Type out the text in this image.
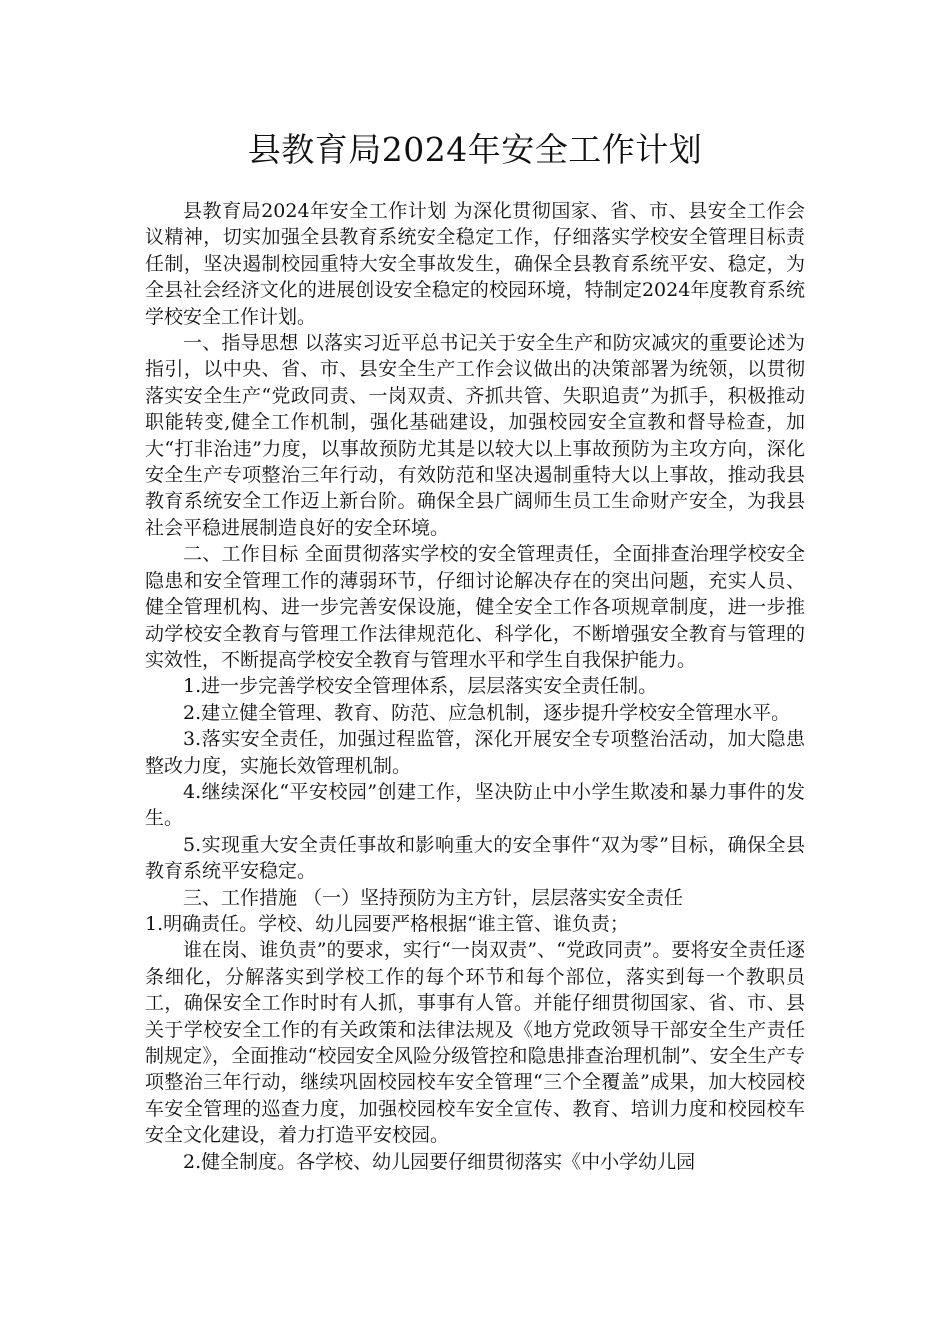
县教育局2024年安全工作计划

县教育局2024年安全工作计划 为深化贯彻国家、省、市、县安全工作会议精神，切实加强全县教育系统安全稳定工作，仔细落实学校安全管理目标责任制，坚决遏制校园重特大安全事故发生，确保全县教育系统平安、稳定，为全县社会经济文化的进展创设安全稳定的校园环境，特制定2024年度教育系统学校安全工作计划。

一、指导思想 以落实习近平总书记关于安全生产和防灾减灾的重要论述为指引，以中央、省、市、县安全生产工作会议做出的决策部署为统领，以贯彻落实安全生产“党政同责、一岗双责、齐抓共管、失职追责”为抓手，积极推动职能转变,健全工作机制，强化基础建设，加强校园安全宣教和督导检查，加大“打非治违”力度，以事故预防尤其是以较大以上事故预防为主攻方向，深化安全生产专项整治三年行动，有效防范和坚决遏制重特大以上事故，推动我县教育系统安全工作迈上新台阶。确保全县广阔师生员工生命财产安全，为我县社会平稳进展制造良好的安全环境。

二、工作目标 全面贯彻落实学校的安全管理责任，全面排查治理学校安全隐患和安全管理工作的薄弱环节，仔细讨论解决存在的突出问题，充实人员、健全管理机构、进一步完善安保设施，健全安全工作各项规章制度，进一步推动学校安全教育与管理工作法律规范化、科学化，不断增强安全教育与管理的实效性，不断提高学校安全教育与管理水平和学生自我保护能力。

1.进一步完善学校安全管理体系，层层落实安全责任制。

2.建立健全管理、教育、防范、应急机制，逐步提升学校安全管理水平。

3.落实安全责任，加强过程监管，深化开展安全专项整治活动，加大隐患整改力度，实施长效管理机制。

4.继续深化“平安校园”创建工作，坚决防止中小学生欺凌和暴力事件的发生。

5.实现重大安全责任事故和影响重大的安全事件“双为零”目标，确保全县教育系统平安稳定。

三、工作措施 （一）坚持预防为主方针，层层落实安全责任

1.明确责任。学校、幼儿园要严格根据“谁主管、谁负责；

谁在岗、谁负责”的要求，实行“一岗双责”、“党政同责”。要将安全责任逐条细化，分解落实到学校工作的每个环节和每个部位，落实到每一个教职员工，确保安全工作时时有人抓，事事有人管。并能仔细贯彻国家、省、市、县关于学校安全工作的有关政策和法律法规及《地方党政领导干部安全生产责任制规定》，全面推动“校园安全风险分级管控和隐患排查治理机制”、安全生产专项整治三年行动，继续巩固校园校车安全管理“三个全覆盖”成果，加大校园校车安全管理的巡查力度，加强校园校车安全宣传、教育、培训力度和校园校车安全文化建设，着力打造平安校园。

2.健全制度。各学校、幼儿园要仔细贯彻落实《中小学幼儿园
